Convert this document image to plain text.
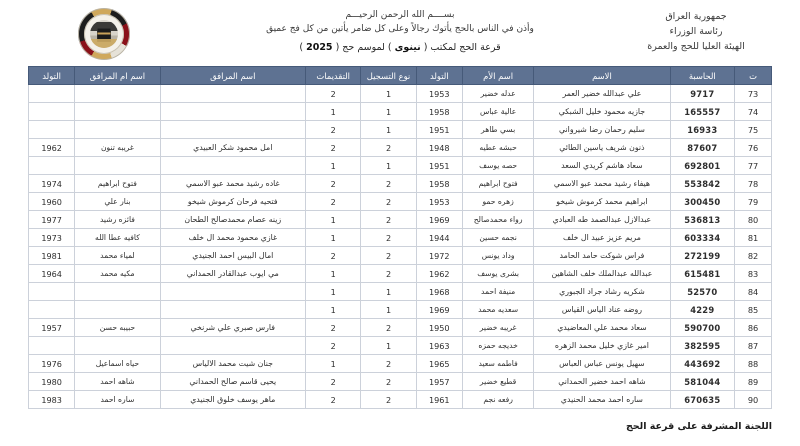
جمهورية العراق
رئاسة الوزراء
الهيئة العليا للحج والعمرة
بســــم الله الرحمن الرحيـــم
وأذن في الناس بالحج يأتوك رجالاً وعلى كل ضامر يأتين من كل فج عميق
قرعة الحج لمكتب ( نينوى ) لموسم حج ( 2025 )
ت	الحاسبة	الاسم	اسم الأم	التولد	نوع التسجيل	التقديمات	اسم المرافق	اسم ام المرافق	التولد
73	9717	علي عبدالله خضير العمر	عدله خضير	1953	1	2			
74	165557	جازيه محمود خليل الشبكي	عالية عباس	1958	1	1			
75	16933	سليم رحمان رضا شيرواني	بسي طاهر	1951	1	2			
76	87607	ذنون شريف ياسين الطائي	حبشه عطيه	1948	2	2	امل محمود شكر العبيدي	غريبه تنون	1962
77	692801	سعاد هاشم كريدي السعد	حصه يوسف	1951	1	1			
78	553842	هيفاء رشيد محمد عبو الاسمي	فتوح ابراهيم	1958	2	2	غاده رشيد محمد عبو الاسمي	فتوح ابراهيم	1974
79	300450	ابراهيم محمد كرموش شيخو	زهره حمو	1953	2	2	فتحيه فرحان كرموش شيخو	بنار علي	1960
80	536813	عبدالازل عبدالصمد طه العبادي	رواء محمدصالح	1969	2	1	زينه عصام محمدصالح الطحان	فائزه رشيد	1977
81	603334	مريم عزيز عبيد ال خلف	نجمه حسين	1944	2	1	غازي محمود محمد ال خلف	كافيه عطا الله	1973
82	272199	فراس شوكت حامد الحامد	وداد يونس	1972	2	2	امال البيس احمد الجنيدي	لمياء محمد	1981
83	615481	عبدالله عبدالملك خلف الشاهين	بشرى يوسف	1962	2	1	مي ايوب عبدالقادر الحمداني	مكيه محمد	1964
84	52570	شكريه رشاد جراد الجبوري	منيفة احمد	1968	1	1			
85	4229	روضه عناد الياس القياس	سعديه محمد	1969	1	1			
86	590700	سعاد محمد علي المعاضيدي	غريبه خضير	1950	2	2	فارس صبري علي شرنخي	حبيبه حسن	1957
87	382595	امير غازي خليل محمد الزهره	خديجه حمزه	1963	1	2			
88	443692	سهيل يونس عباس العباس	فاطمه سعيد	1965	2	1	جنان شيت محمد الالياس	حياه اسماعيل	1976
89	581044	شاهه احمد خضير الحمداني	قطيع خضير	1957	2	2	يحيى قاسم صالح الحمداني	شاهه احمد	1980
90	670635	ساره احمد محمد الحنيدي	رفعه نجم	1961	2	2	ماهر يوسف خلوق الجنيدي	ساره احمد	1983
اللجنة المشرفة على قرعة الحج
